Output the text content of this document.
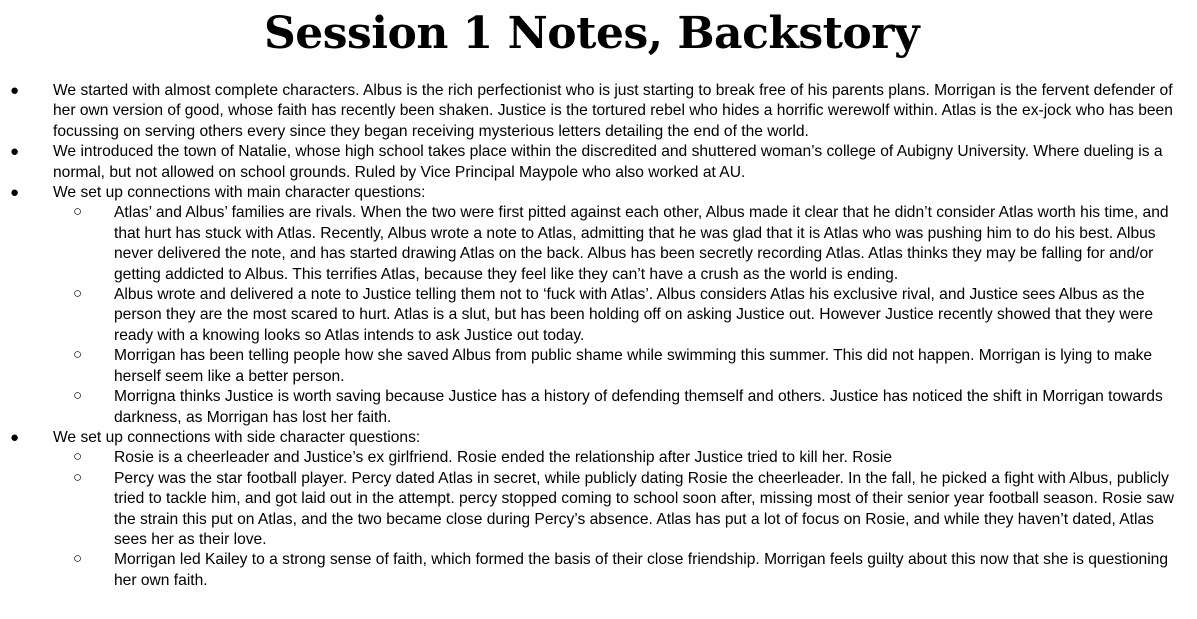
Session 1 Notes, Backstory
● We started with almost complete characters. Albus is the rich perfectionist who is just starting to break free of his parents plans. Morrigan is the fervent defender of her own version of good, whose faith has recently been shaken. Justice is the tortured rebel who hides a horrific werewolf within. Atlas is the ex-jock who has been focussing on serving others every since they began receiving mysterious letters detailing the end of the world.
● We introduced the town of Natalie, whose high school takes place within the discredited and shuttered woman’s college of Aubigny University. Where dueling is a normal, but not allowed on school grounds. Ruled by Vice Principal Maypole who also worked at AU.
● We set up connections with main character questions:
○ Atlas’ and Albus’ families are rivals. When the two were first pitted against each other, Albus made it clear that he didn’t consider Atlas worth his time, and that hurt has stuck with Atlas. Recently, Albus wrote a note to Atlas, admitting that he was glad that it is Atlas who was pushing him to do his best. Albus never delivered the note, and has started drawing Atlas on the back. Albus has been secretly recording Atlas. Atlas thinks they may be falling for and/or getting addicted to Albus. This terrifies Atlas, because they feel like they can’t have a crush as the world is ending.
○ Albus wrote and delivered a note to Justice telling them not to ‘fuck with Atlas’. Albus considers Atlas his exclusive rival, and Justice sees Albus as the person they are the most scared to hurt. Atlas is a slut, but has been holding off on asking Justice out. However Justice recently showed that they were ready with a knowing looks so Atlas intends to ask Justice out today.
○ Morrigan has been telling people how she saved Albus from public shame while swimming this summer. This did not happen. Morrigan is lying to make herself seem like a better person.
○ Morrigna thinks Justice is worth saving because Justice has a history of defending themself and others. Justice has noticed the shift in Morrigan towards darkness, as Morrigan has lost her faith.
● We set up connections with side character questions:
○ Rosie is a cheerleader and Justice’s ex girlfriend. Rosie ended the relationship after Justice tried to kill her. Rosie
○ Percy was the star football player. Percy dated Atlas in secret, while publicly dating Rosie the cheerleader. In the fall, he picked a fight with Albus, publicly tried to tackle him, and got laid out in the attempt. percy stopped coming to school soon after, missing most of their senior year football season. Rosie saw the strain this put on Atlas, and the two became close during Percy’s absence. Atlas has put a lot of focus on Rosie, and while they haven’t dated, Atlas sees her as their love.
○ Morrigan led Kailey to a strong sense of faith, which formed the basis of their close friendship. Morrigan feels guilty about this now that she is questioning her own faith.
